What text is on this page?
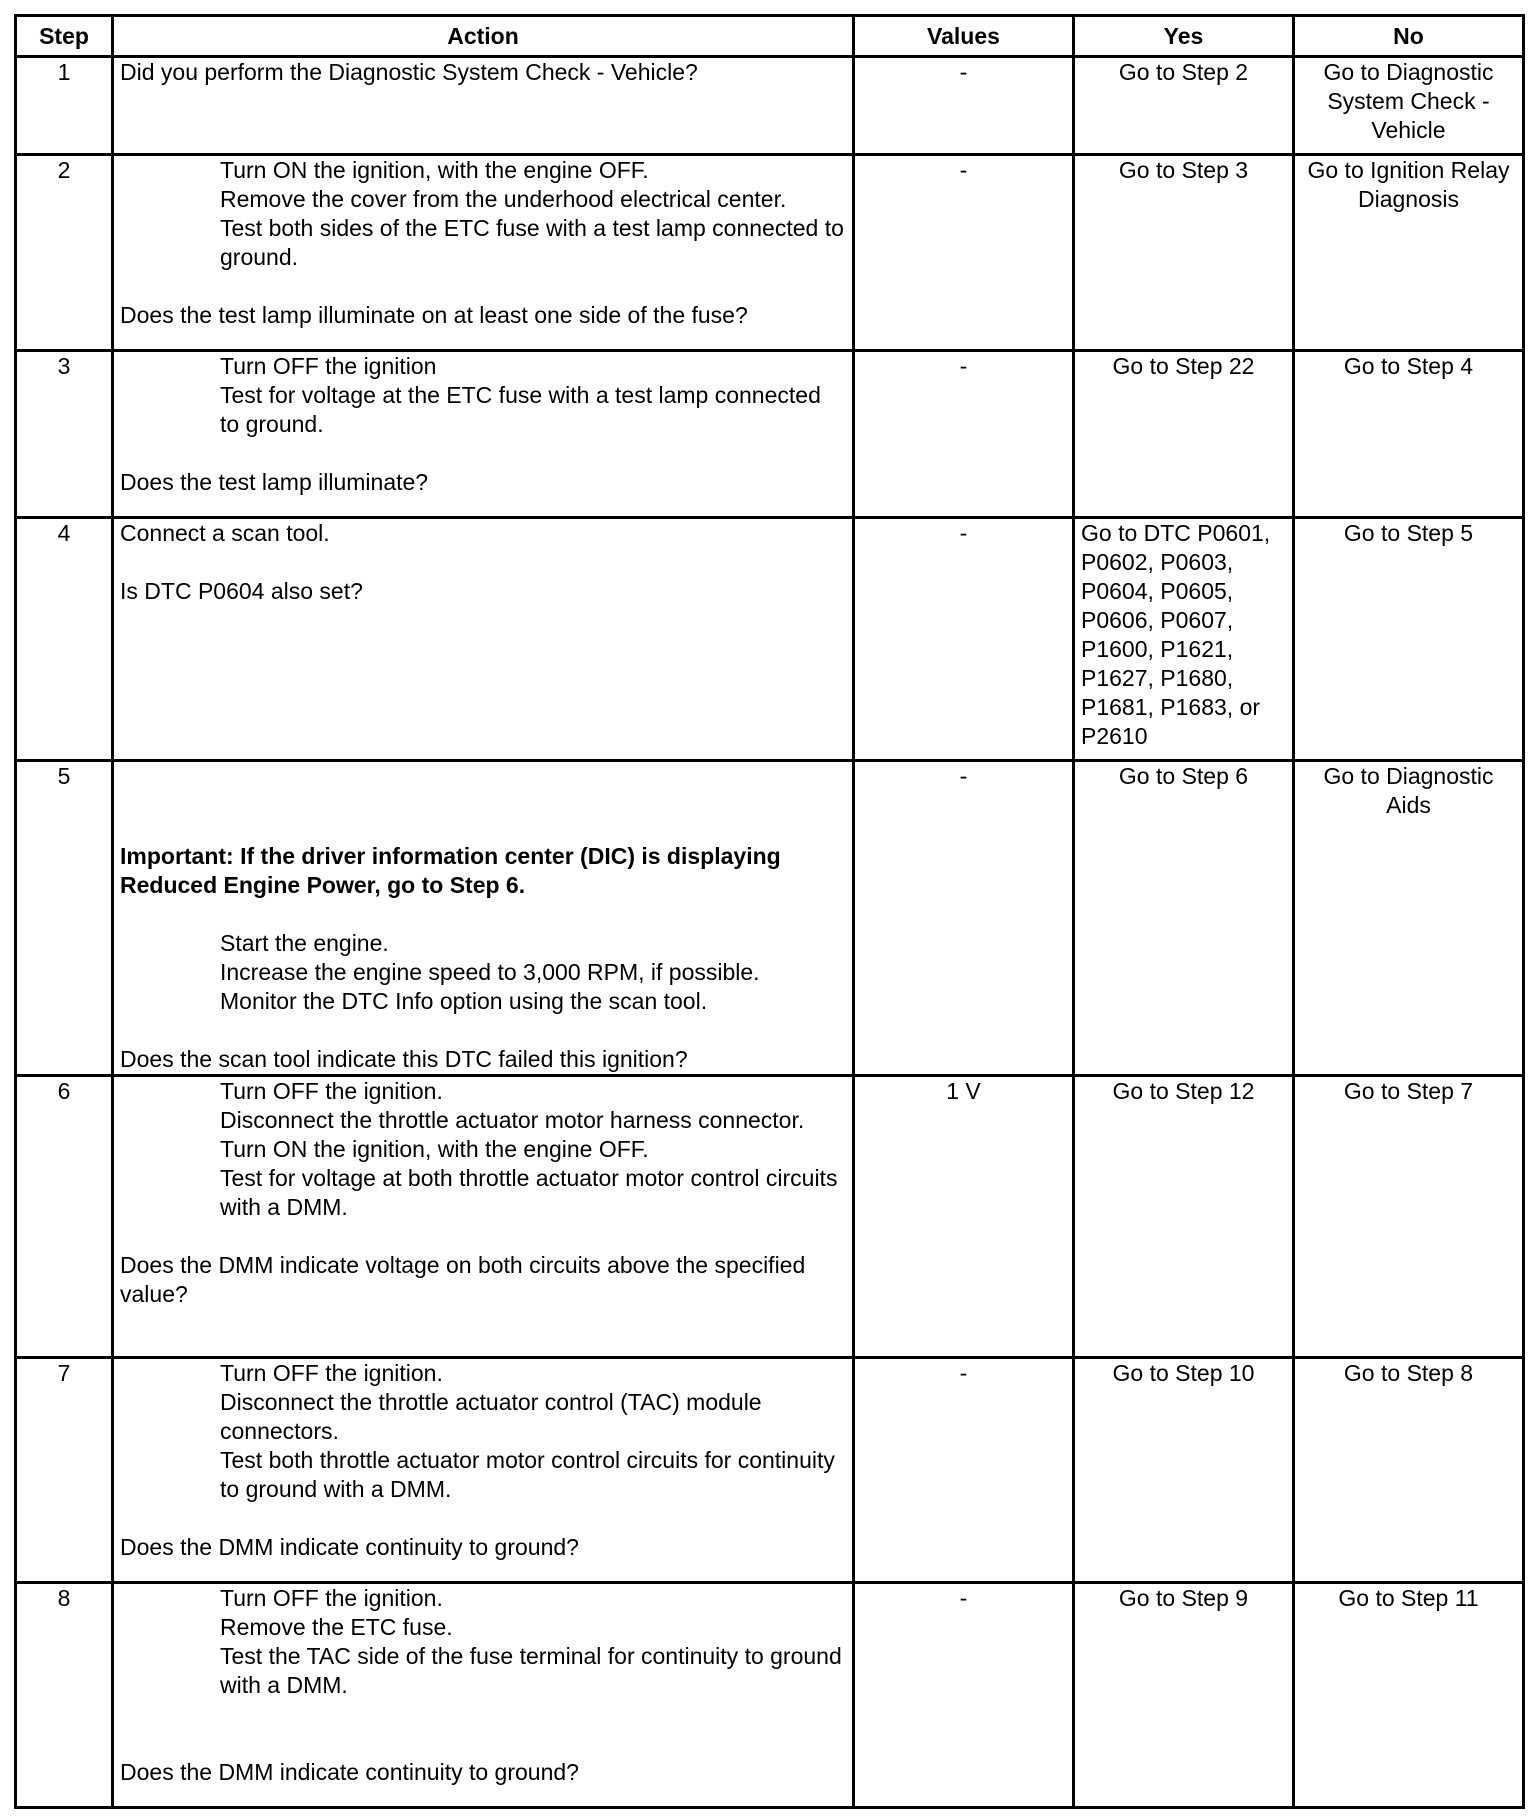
Step	Action	Values	Yes	No
1	Did you perform the Diagnostic System Check - Vehicle?	-	Go to Step 2	Go to Diagnostic System Check - Vehicle
2	Turn ON the ignition, with the engine OFF.
Remove the cover from the underhood electrical center.
Test both sides of the ETC fuse with a test lamp connected to ground.
Does the test lamp illuminate on at least one side of the fuse?	-	Go to Step 3	Go to Ignition Relay Diagnosis
3	Turn OFF the ignition
Test for voltage at the ETC fuse with a test lamp connected to ground.
Does the test lamp illuminate?	-	Go to Step 22	Go to Step 4
4	Connect a scan tool.
Is DTC P0604 also set?	-	Go to DTC P0601, P0602, P0603, P0604, P0605, P0606, P0607, P1600, P1621, P1627, P1680, P1681, P1683, or P2610	Go to Step 5
5	Important: If the driver information center (DIC) is displaying Reduced Engine Power, go to Step 6.
Start the engine.
Increase the engine speed to 3,000 RPM, if possible.
Monitor the DTC Info option using the scan tool.
Does the scan tool indicate this DTC failed this ignition?	-	Go to Step 6	Go to Diagnostic Aids
6	Turn OFF the ignition.
Disconnect the throttle actuator motor harness connector.
Turn ON the ignition, with the engine OFF.
Test for voltage at both throttle actuator motor control circuits with a DMM.
Does the DMM indicate voltage on both circuits above the specified value?	1 V	Go to Step 12	Go to Step 7
7	Turn OFF the ignition.
Disconnect the throttle actuator control (TAC) module connectors.
Test both throttle actuator motor control circuits for continuity to ground with a DMM.
Does the DMM indicate continuity to ground?	-	Go to Step 10	Go to Step 8
8	Turn OFF the ignition.
Remove the ETC fuse.
Test the TAC side of the fuse terminal for continuity to ground with a DMM.
Does the DMM indicate continuity to ground?	-	Go to Step 9	Go to Step 11
